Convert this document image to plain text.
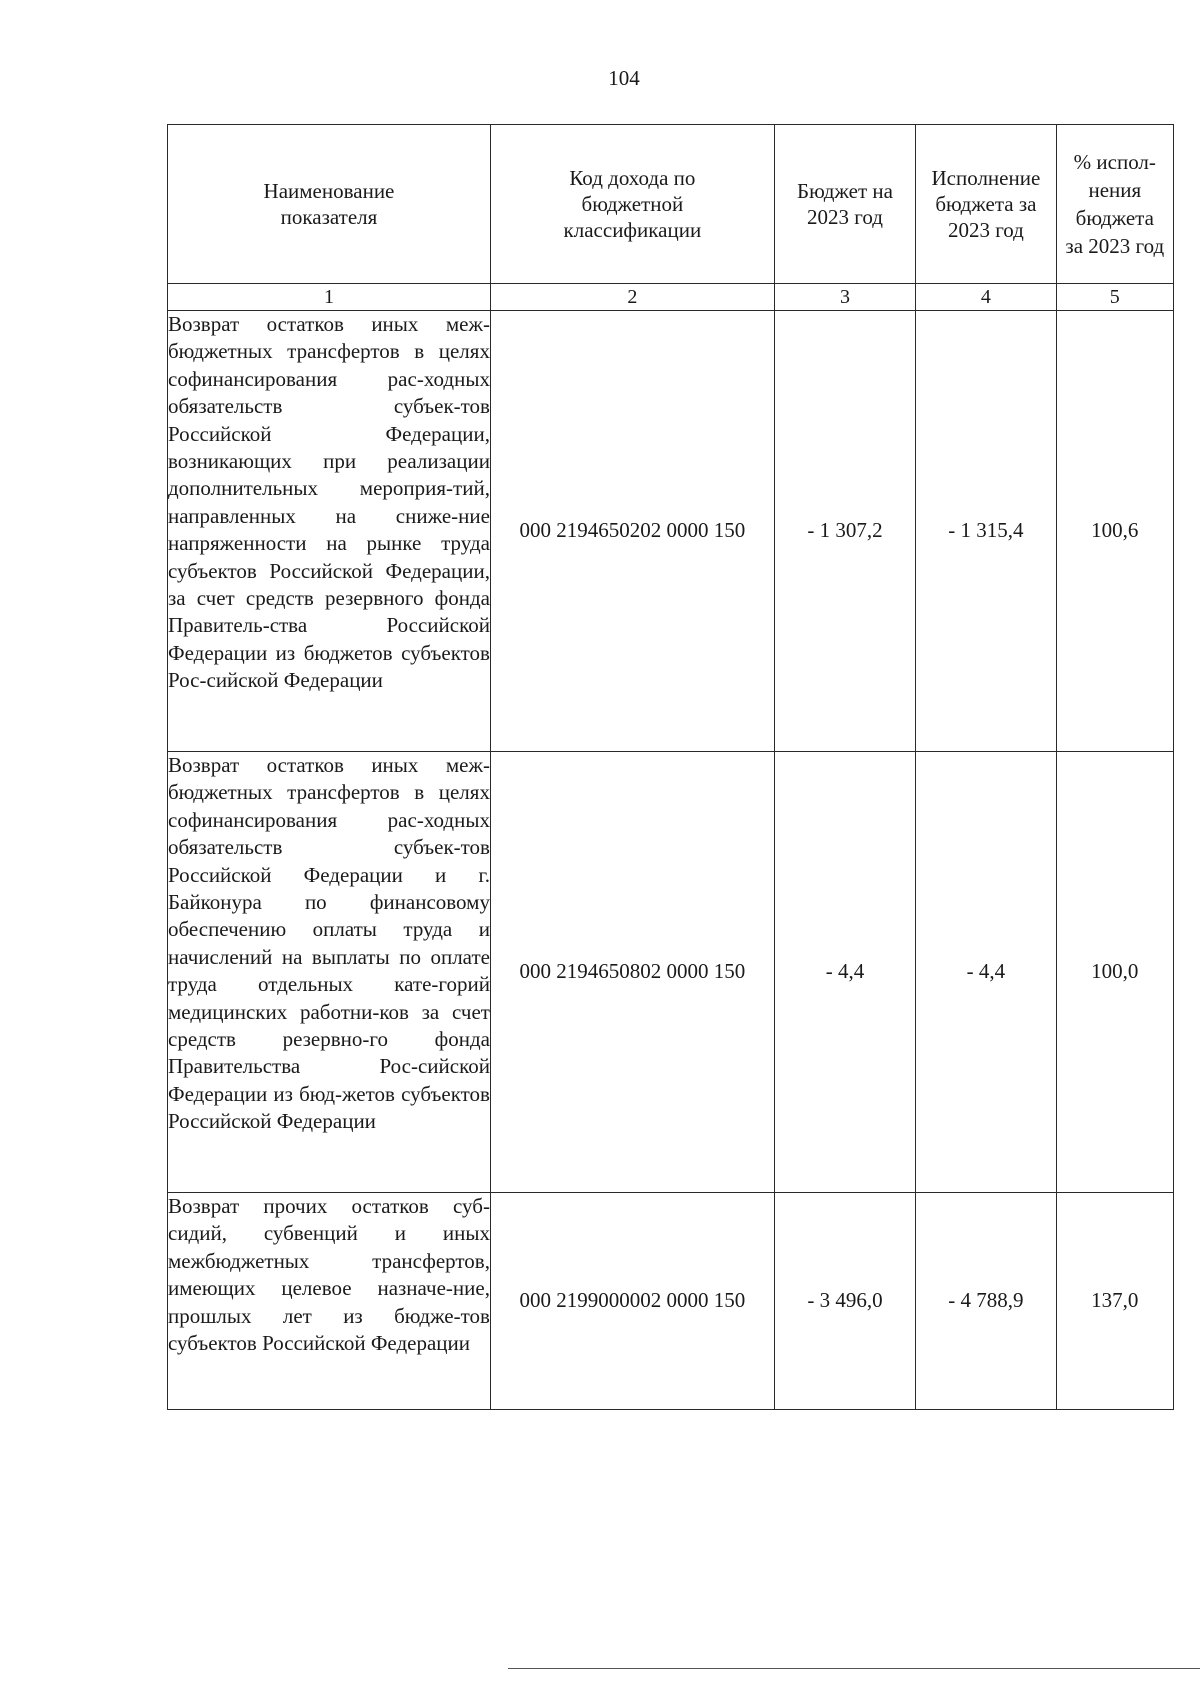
104
Наименование показателя	Код дохода по бюджетной классификации	Бюджет на 2023 год	Исполнение бюджета за 2023 год	% испол-нения бюджета за 2023 год

1	2	3	4	5
Возврат остатков иных меж-бюджетных трансфертов в целях софинансирования рас-ходных обязательств субъек-тов Российской Федерации, возникающих при реализации дополнительных мероприя-тий, направленных на сниже-ние напряженности на рынке труда субъектов Российской Федерации, за счет средств резервного фонда Правитель-ства Российской Федерации из бюджетов субъектов Рос-сийской Федерации	000 2194650202 0000 150	- 1 307,2	- 1 315,4	100,6
Возврат остатков иных меж-бюджетных трансфертов в целях софинансирования рас-ходных обязательств субъек-тов Российской Федерации и г. Байконура по финансовому обеспечению оплаты труда и начислений на выплаты по оплате труда отдельных кате-горий медицинских работни-ков за счет средств резервно-го фонда Правительства Рос-сийской Федерации из бюд-жетов субъектов Российской Федерации	000 2194650802 0000 150	- 4,4	- 4,4	100,0
Возврат прочих остатков суб-сидий, субвенций и иных межбюджетных трансфертов, имеющих целевое назначе-ние, прошлых лет из бюдже-тов субъектов Российской Федерации	000 2199000002 0000 150	- 3 496,0	- 4 788,9	137,0
